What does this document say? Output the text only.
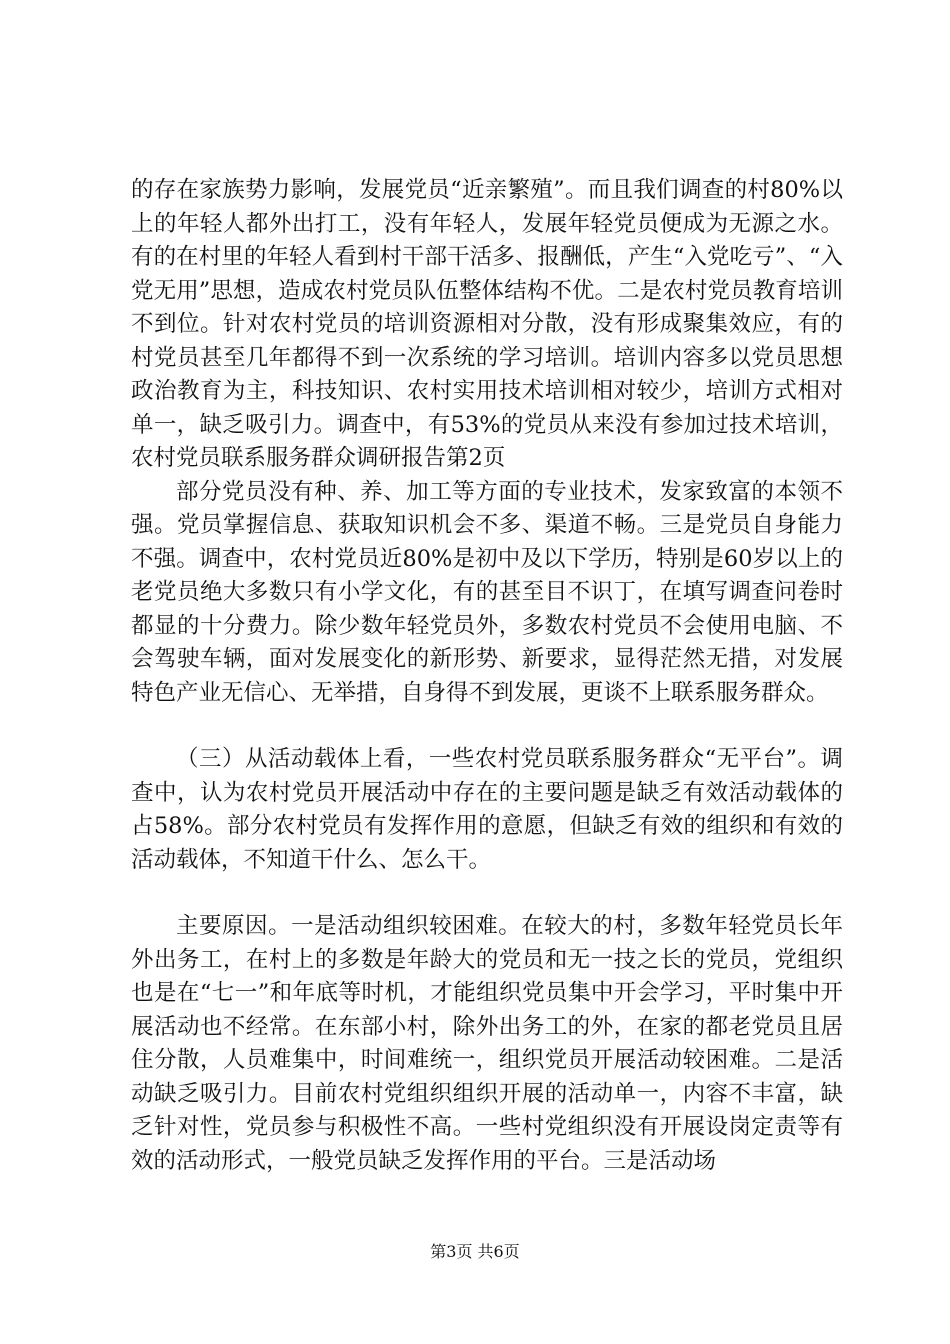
的存在家族势力影响，发展党员“近亲繁殖”。而且我们调查的村80%以上的年轻人都外出打工，没有年轻人，发展年轻党员便成为无源之水。有的在村里的年轻人看到村干部干活多、报酬低，产生“入党吃亏”、“入党无用”思想，造成农村党员队伍整体结构不优。二是农村党员教育培训不到位。针对农村党员的培训资源相对分散，没有形成聚集效应，有的村党员甚至几年都得不到一次系统的学习培训。培训内容多以党员思想政治教育为主，科技知识、农村实用技术培训相对较少，培训方式相对单一，缺乏吸引力。调查中，有53%的党员从来没有参加过技术培训，农村党员联系服务群众调研报告第2页

部分党员没有种、养、加工等方面的专业技术，发家致富的本领不强。党员掌握信息、获取知识机会不多、渠道不畅。三是党员自身能力不强。调查中，农村党员近80%是初中及以下学历，特别是60岁以上的老党员绝大多数只有小学文化，有的甚至目不识丁，在填写调查问卷时都显的十分费力。除少数年轻党员外，多数农村党员不会使用电脑、不会驾驶车辆，面对发展变化的新形势、新要求，显得茫然无措，对发展特色产业无信心、无举措，自身得不到发展，更谈不上联系服务群众。

（三）从活动载体上看，一些农村党员联系服务群众“无平台”。调查中，认为农村党员开展活动中存在的主要问题是缺乏有效活动载体的占58%。部分农村党员有发挥作用的意愿，但缺乏有效的组织和有效的活动载体，不知道干什么、怎么干。

主要原因。一是活动组织较困难。在较大的村，多数年轻党员长年外出务工，在村上的多数是年龄大的党员和无一技之长的党员，党组织也是在“七一”和年底等时机，才能组织党员集中开会学习，平时集中开展活动也不经常。在东部小村，除外出务工的外，在家的都老党员且居住分散，人员难集中，时间难统一，组织党员开展活动较困难。二是活动缺乏吸引力。目前农村党组织组织开展的活动单一，内容不丰富，缺乏针对性，党员参与积极性不高。一些村党组织没有开展设岗定责等有效的活动形式，一般党员缺乏发挥作用的平台。三是活动场

第3页 共6页
